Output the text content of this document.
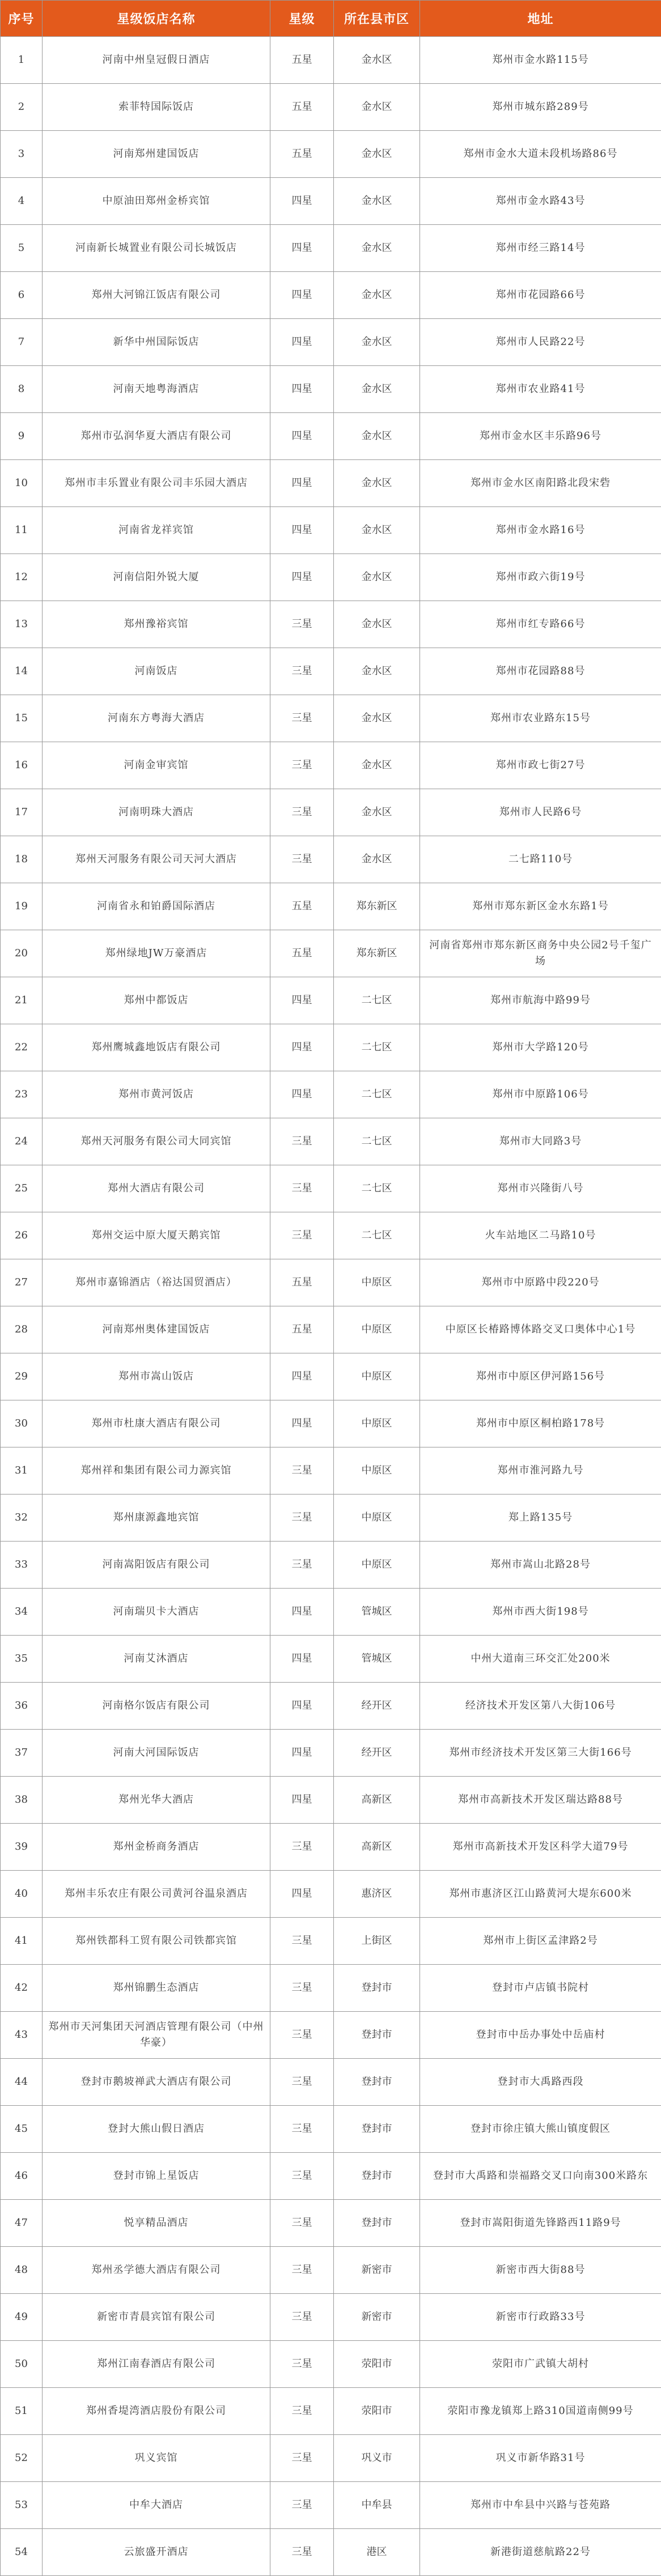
序号	星级饭店名称	星级	所在县市区	地址
1	河南中州皇冠假日酒店	五星	金水区	郑州市金水路115号
2	索菲特国际饭店	五星	金水区	郑州市城东路289号
3	河南郑州建国饭店	五星	金水区	郑州市金水大道未段机场路86号
4	中原油田郑州金桥宾馆	四星	金水区	郑州市金水路43号
5	河南新长城置业有限公司长城饭店	四星	金水区	郑州市经三路14号
6	郑州大河锦江饭店有限公司	四星	金水区	郑州市花园路66号
7	新华中州国际饭店	四星	金水区	郑州市人民路22号
8	河南天地粤海酒店	四星	金水区	郑州市农业路41号
9	郑州市弘润华夏大酒店有限公司	四星	金水区	郑州市金水区丰乐路96号
10	郑州市丰乐置业有限公司丰乐园大酒店	四星	金水区	郑州市金水区南阳路北段宋砦
11	河南省龙祥宾馆	四星	金水区	郑州市金水路16号
12	河南信阳外锐大厦	四星	金水区	郑州市政六街19号
13	郑州豫裕宾馆	三星	金水区	郑州市红专路66号
14	河南饭店	三星	金水区	郑州市花园路88号
15	河南东方粤海大酒店	三星	金水区	郑州市农业路东15号
16	河南金审宾馆	三星	金水区	郑州市政七街27号
17	河南明珠大酒店	三星	金水区	郑州市人民路6号
18	郑州天河服务有限公司天河大酒店	三星	金水区	二七路110号
19	河南省永和铂爵国际酒店	五星	郑东新区	郑州市郑东新区金水东路1号
20	郑州绿地JW万豪酒店	五星	郑东新区	河南省郑州市郑东新区商务中央公园2号千玺广场
21	郑州中都饭店	四星	二七区	郑州市航海中路99号
22	郑州鹰城鑫地饭店有限公司	四星	二七区	郑州市大学路120号
23	郑州市黄河饭店	四星	二七区	郑州市中原路106号
24	郑州天河服务有限公司大同宾馆	三星	二七区	郑州市大同路3号
25	郑州大酒店有限公司	三星	二七区	郑州市兴隆街八号
26	郑州交运中原大厦天鹅宾馆	三星	二七区	火车站地区二马路10号
27	郑州市嘉锦酒店（裕达国贸酒店）	五星	中原区	郑州市中原路中段220号
28	河南郑州奥体建国饭店	五星	中原区	中原区长椿路博体路交叉口奥体中心1号
29	郑州市嵩山饭店	四星	中原区	郑州市中原区伊河路156号
30	郑州市杜康大酒店有限公司	四星	中原区	郑州市中原区桐柏路178号
31	郑州祥和集团有限公司力源宾馆	三星	中原区	郑州市淮河路九号
32	郑州康源鑫地宾馆	三星	中原区	郑上路135号
33	河南嵩阳饭店有限公司	三星	中原区	郑州市嵩山北路28号
34	河南瑞贝卡大酒店	四星	管城区	郑州市西大街198号
35	河南艾沐酒店	四星	管城区	中州大道南三环交汇处200米
36	河南格尔饭店有限公司	四星	经开区	经济技术开发区第八大街106号
37	河南大河国际饭店	四星	经开区	郑州市经济技术开发区第三大街166号
38	郑州光华大酒店	四星	高新区	郑州市高新技术开发区瑞达路88号
39	郑州金桥商务酒店	三星	高新区	郑州市高新技术开发区科学大道79号
40	郑州丰乐农庄有限公司黄河谷温泉酒店	四星	惠济区	郑州市惠济区江山路黄河大堤东600米
41	郑州铁都科工贸有限公司铁都宾馆	三星	上街区	郑州市上街区孟津路2号
42	郑州锦鹏生态酒店	三星	登封市	登封市卢店镇书院村
43	郑州市天河集团天河酒店管理有限公司（中州华豪）	三星	登封市	登封市中岳办事处中岳庙村
44	登封市鹅坡禅武大酒店有限公司	三星	登封市	登封市大禹路西段
45	登封大熊山假日酒店	三星	登封市	登封市徐庄镇大熊山镇度假区
46	登封市锦上星饭店	三星	登封市	登封市大禹路和崇福路交叉口向南300米路东
47	悦享精品酒店	三星	登封市	登封市嵩阳街道先锋路西11路9号
48	郑州丞学德大酒店有限公司	三星	新密市	新密市西大街88号
49	新密市青晨宾馆有限公司	三星	新密市	新密市行政路33号
50	郑州江南春酒店有限公司	三星	荥阳市	荥阳市广武镇大胡村
51	郑州香堤湾酒店股份有限公司	三星	荥阳市	荥阳市豫龙镇郑上路310国道南侧99号
52	巩义宾馆	三星	巩义市	巩义市新华路31号
53	中牟大酒店	三星	中牟县	郑州市中牟县中兴路与苍苑路
54	云旅盛开酒店	三星	港区	新港街道慈航路22号
